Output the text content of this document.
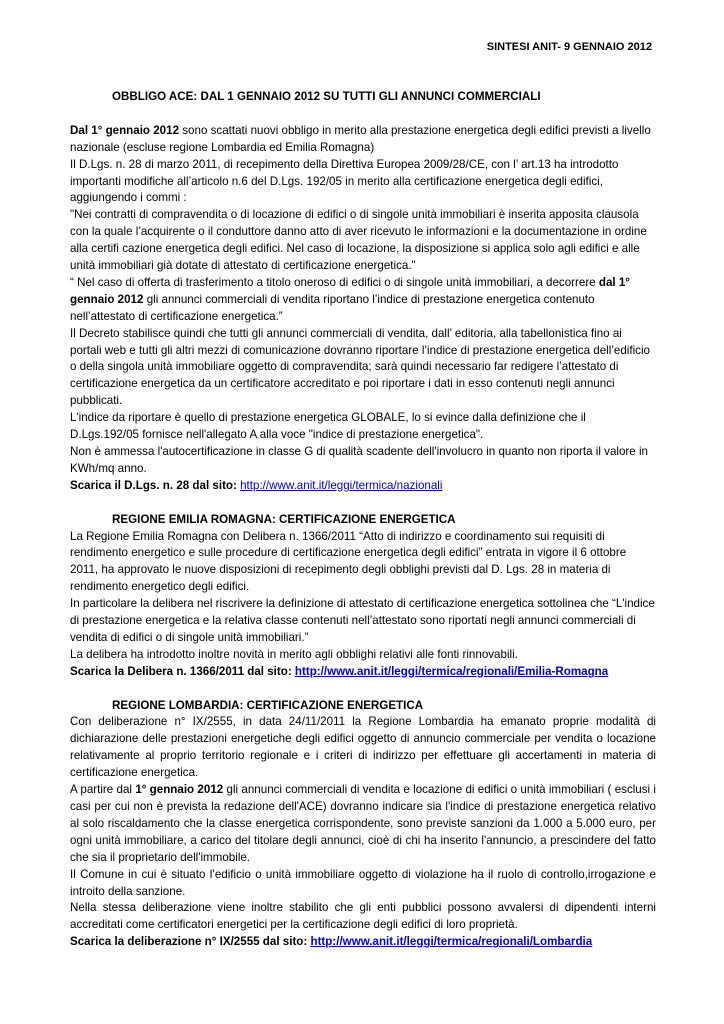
SINTESI ANIT- 9 GENNAIO 2012

OBBLIGO ACE: DAL 1 GENNAIO 2012 SU TUTTI GLI ANNUNCI COMMERCIALI

Dal 1° gennaio 2012 sono scattati nuovi obbligo in merito alla prestazione energetica degli edifici previsti a livello nazionale (escluse regione Lombardia ed Emilia Romagna)

Il D.Lgs. n. 28 di marzo 2011, di recepimento della Direttiva Europea 2009/28/CE, con l’ art.13 ha introdotto importanti modifiche all’articolo n.6 del D.Lgs. 192/05 in merito alla certificazione energetica degli edifici, aggiungendo i commi :

"Nei contratti di compravendita o di locazione di edifici o di singole unità immobiliari è inserita apposita clausola con la quale l’acquirente o il conduttore danno atto di aver ricevuto le informazioni e la documentazione in ordine alla certifi cazione energetica degli edifici. Nel caso di locazione, la disposizione si applica solo agli edifici e alle unità immobiliari già dotate di attestato di certificazione energetica."

“ Nel caso di offerta di trasferimento a titolo oneroso di edifici o di singole unità immobiliari, a decorrere dal 1° gennaio 2012 gli annunci commerciali di vendita riportano l’indice di prestazione energetica contenuto nell’attestato di certificazione energetica.”

Il Decreto stabilisce quindi che tutti gli annunci commerciali di vendita, dall’ editoria, alla tabellonistica fino ai portali web e tutti gli altri mezzi di comunicazione dovranno riportare l’indice di prestazione energetica dell’edificio o della singola unità immobiliare oggetto di compravendita; sarà quindi necessario far redigere l’attestato di certificazione energetica da un certificatore accreditato e poi riportare i dati in esso contenuti negli annunci pubblicati.

L'indice da riportare è quello di prestazione energetica GLOBALE, lo si evince dalla definizione che il D.Lgs.192/05 fornisce nell'allegato A alla voce "indice di prestazione energetica".

Non è ammessa l'autocertificazione in classe G di qualità scadente dell'involucro in quanto non riporta il valore in KWh/mq anno.

Scarica il D.Lgs. n. 28 dal sito: http://www.anit.it/leggi/termica/nazionali

REGIONE EMILIA ROMAGNA: CERTIFICAZIONE ENERGETICA

La Regione Emilia Romagna con Delibera n. 1366/2011 “Atto di indirizzo e coordinamento sui requisiti di rendimento energetico e sulle procedure di certificazione energetica degli edifici” entrata in vigore il 6 ottobre 2011, ha approvato le nuove disposizioni di recepimento degli obblighi previsti dal D. Lgs. 28 in materia di rendimento energetico degli edifici.

In particolare la delibera nel riscrivere la definizione di attestato di certificazione energetica sottolinea che “L'indice di prestazione energetica e la relativa classe contenuti nell’attestato sono riportati negli annunci commerciali di vendita di edifici o di singole unità immobiliari.”

La delibera ha introdotto inoltre novità in merito agli obblighi relativi alle fonti rinnovabili.

Scarica la Delibera n. 1366/2011 dal sito: http://www.anit.it/leggi/termica/regionali/Emilia-Romagna

REGIONE LOMBARDIA: CERTIFICAZIONE ENERGETICA

Con deliberazione n° IX/2555, in data 24/11/2011 la Regione Lombardia ha emanato proprie modalità di dichiarazione delle prestazioni energetiche degli edifici oggetto di annuncio commerciale per vendita o locazione relativamente al proprio territorio regionale e i criteri di indirizzo per effettuare gli accertamenti in materia di certificazione energetica.

A partire dal 1° gennaio 2012 gli annunci commerciali di vendita e locazione di edifici o unità immobiliari ( esclusi i casi per cui non è prevista la redazione dell'ACE) dovranno indicare sia l'indice di prestazione energetica relativo al solo riscaldamento che la classe energetica corrispondente, sono previste sanzioni da 1.000 a 5.000 euro, per ogni unità immobiliare, a carico del titolare degli annunci, cioè di chi ha inserito l'annuncio, a prescindere del fatto che sia il proprietario dell'immobile.

Il Comune in cui è situato l’edificio o unità immobiliare oggetto di violazione ha il ruolo di controllo,irrogazione e introito della sanzione.

Nella stessa deliberazione viene inoltre stabilito che gli enti pubblici possono avvalersi di dipendenti interni accreditati come certificatori energetici per la certificazione degli edifici di loro proprietà.

Scarica la deliberazione n° IX/2555 dal sito: http://www.anit.it/leggi/termica/regionali/Lombardia
